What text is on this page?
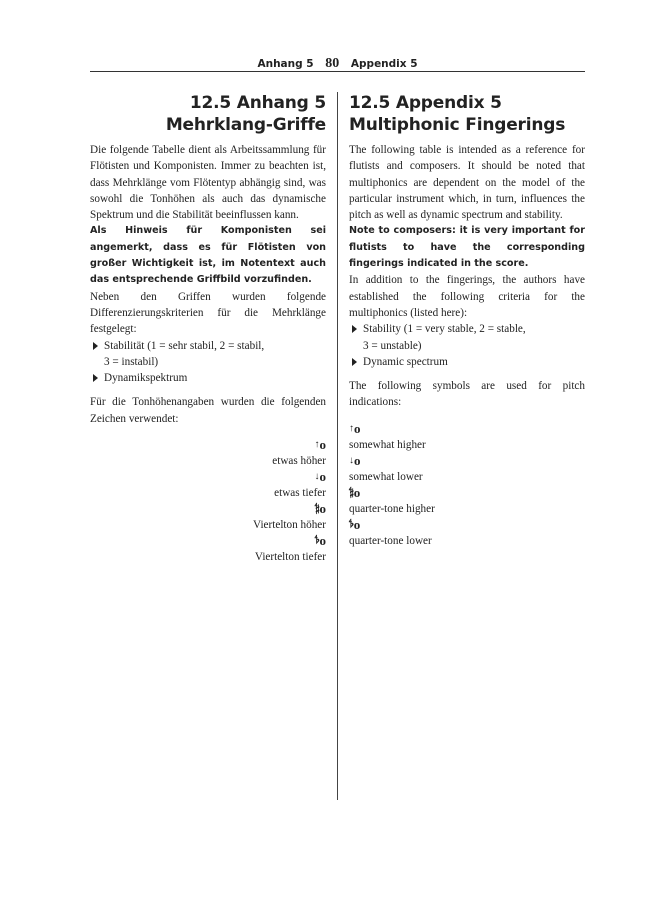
Anhang 5 80 Appendix 5
12.5 Anhang 5
Mehrklang-Griffe

Die folgende Tabelle dient als Arbeitssammlung für Flötisten und Komponisten. Immer zu beachten ist, dass Mehrklänge vom Flötentyp abhängig sind, was sowohl die Tonhöhen als auch das dynamische Spektrum und die Stabilität beeinflussen kann.

Als Hinweis für Komponisten sei angemerkt, dass es für Flötisten von großer Wichtigkeit ist, im Notentext auch das entsprechende Griffbild vorzufinden.

Neben den Griffen wurden folgende Differenzierungskriterien für die Mehrklänge festgelegt:

Stabilität (1 = sehr stabil, 2 = stabil,
3 = instabil)
Dynamikspektrum

Für die Tonhöhenangaben wurden die folgenden Zeichen verwendet:

↑o
etwas höher
↓o
etwas tiefer
𝄲o
Viertelton höher
𝄳o
Viertelton tiefer
12.5 Appendix 5
Multiphonic Fingerings

The following table is intended as a reference for flutists and composers. It should be noted that multiphonics are dependent on the model of the particular instrument which, in turn, influences the pitch as well as dynamic spectrum and stability.

Note to composers: it is very important for flutists to have the corresponding fingerings indicated in the score.

In addition to the fingerings, the authors have established the following criteria for the multiphonics (listed here):

Stability (1 = very stable, 2 = stable,
3 = unstable)
Dynamic spectrum

The following symbols are used for pitch indications:

↑o
somewhat higher
↓o
somewhat lower
𝄲o
quarter-tone higher
𝄳o
quarter-tone lower
